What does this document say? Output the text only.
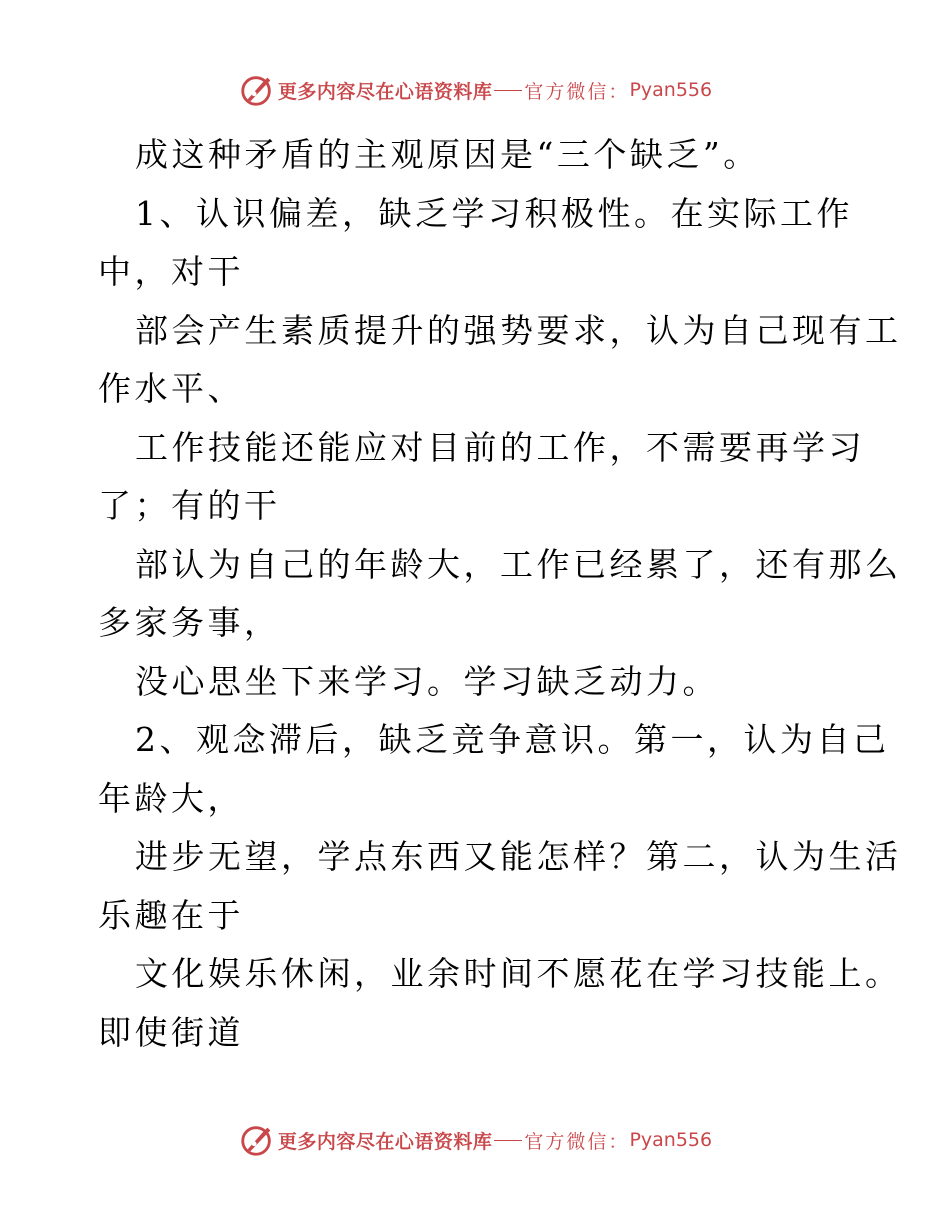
更多内容尽在心语资料库 官方微信： Pyan556
成这种矛盾的主观原因是“三个缺乏”。
1、认识偏差，缺乏学习积极性。在实际工作
中，对干
部会产生素质提升的强势要求，认为自己现有工
作水平、
工作技能还能应对目前的工作，不需要再学习
了；有的干
部认为自己的年龄大，工作已经累了，还有那么
多家务事，
没心思坐下来学习。学习缺乏动力。
2、观念滞后，缺乏竞争意识。第一，认为自己
年龄大，
进步无望，学点东西又能怎样？第二，认为生活
乐趣在于
文化娱乐休闲，业余时间不愿花在学习技能上。
即使街道
更多内容尽在心语资料库 官方微信： Pyan556
